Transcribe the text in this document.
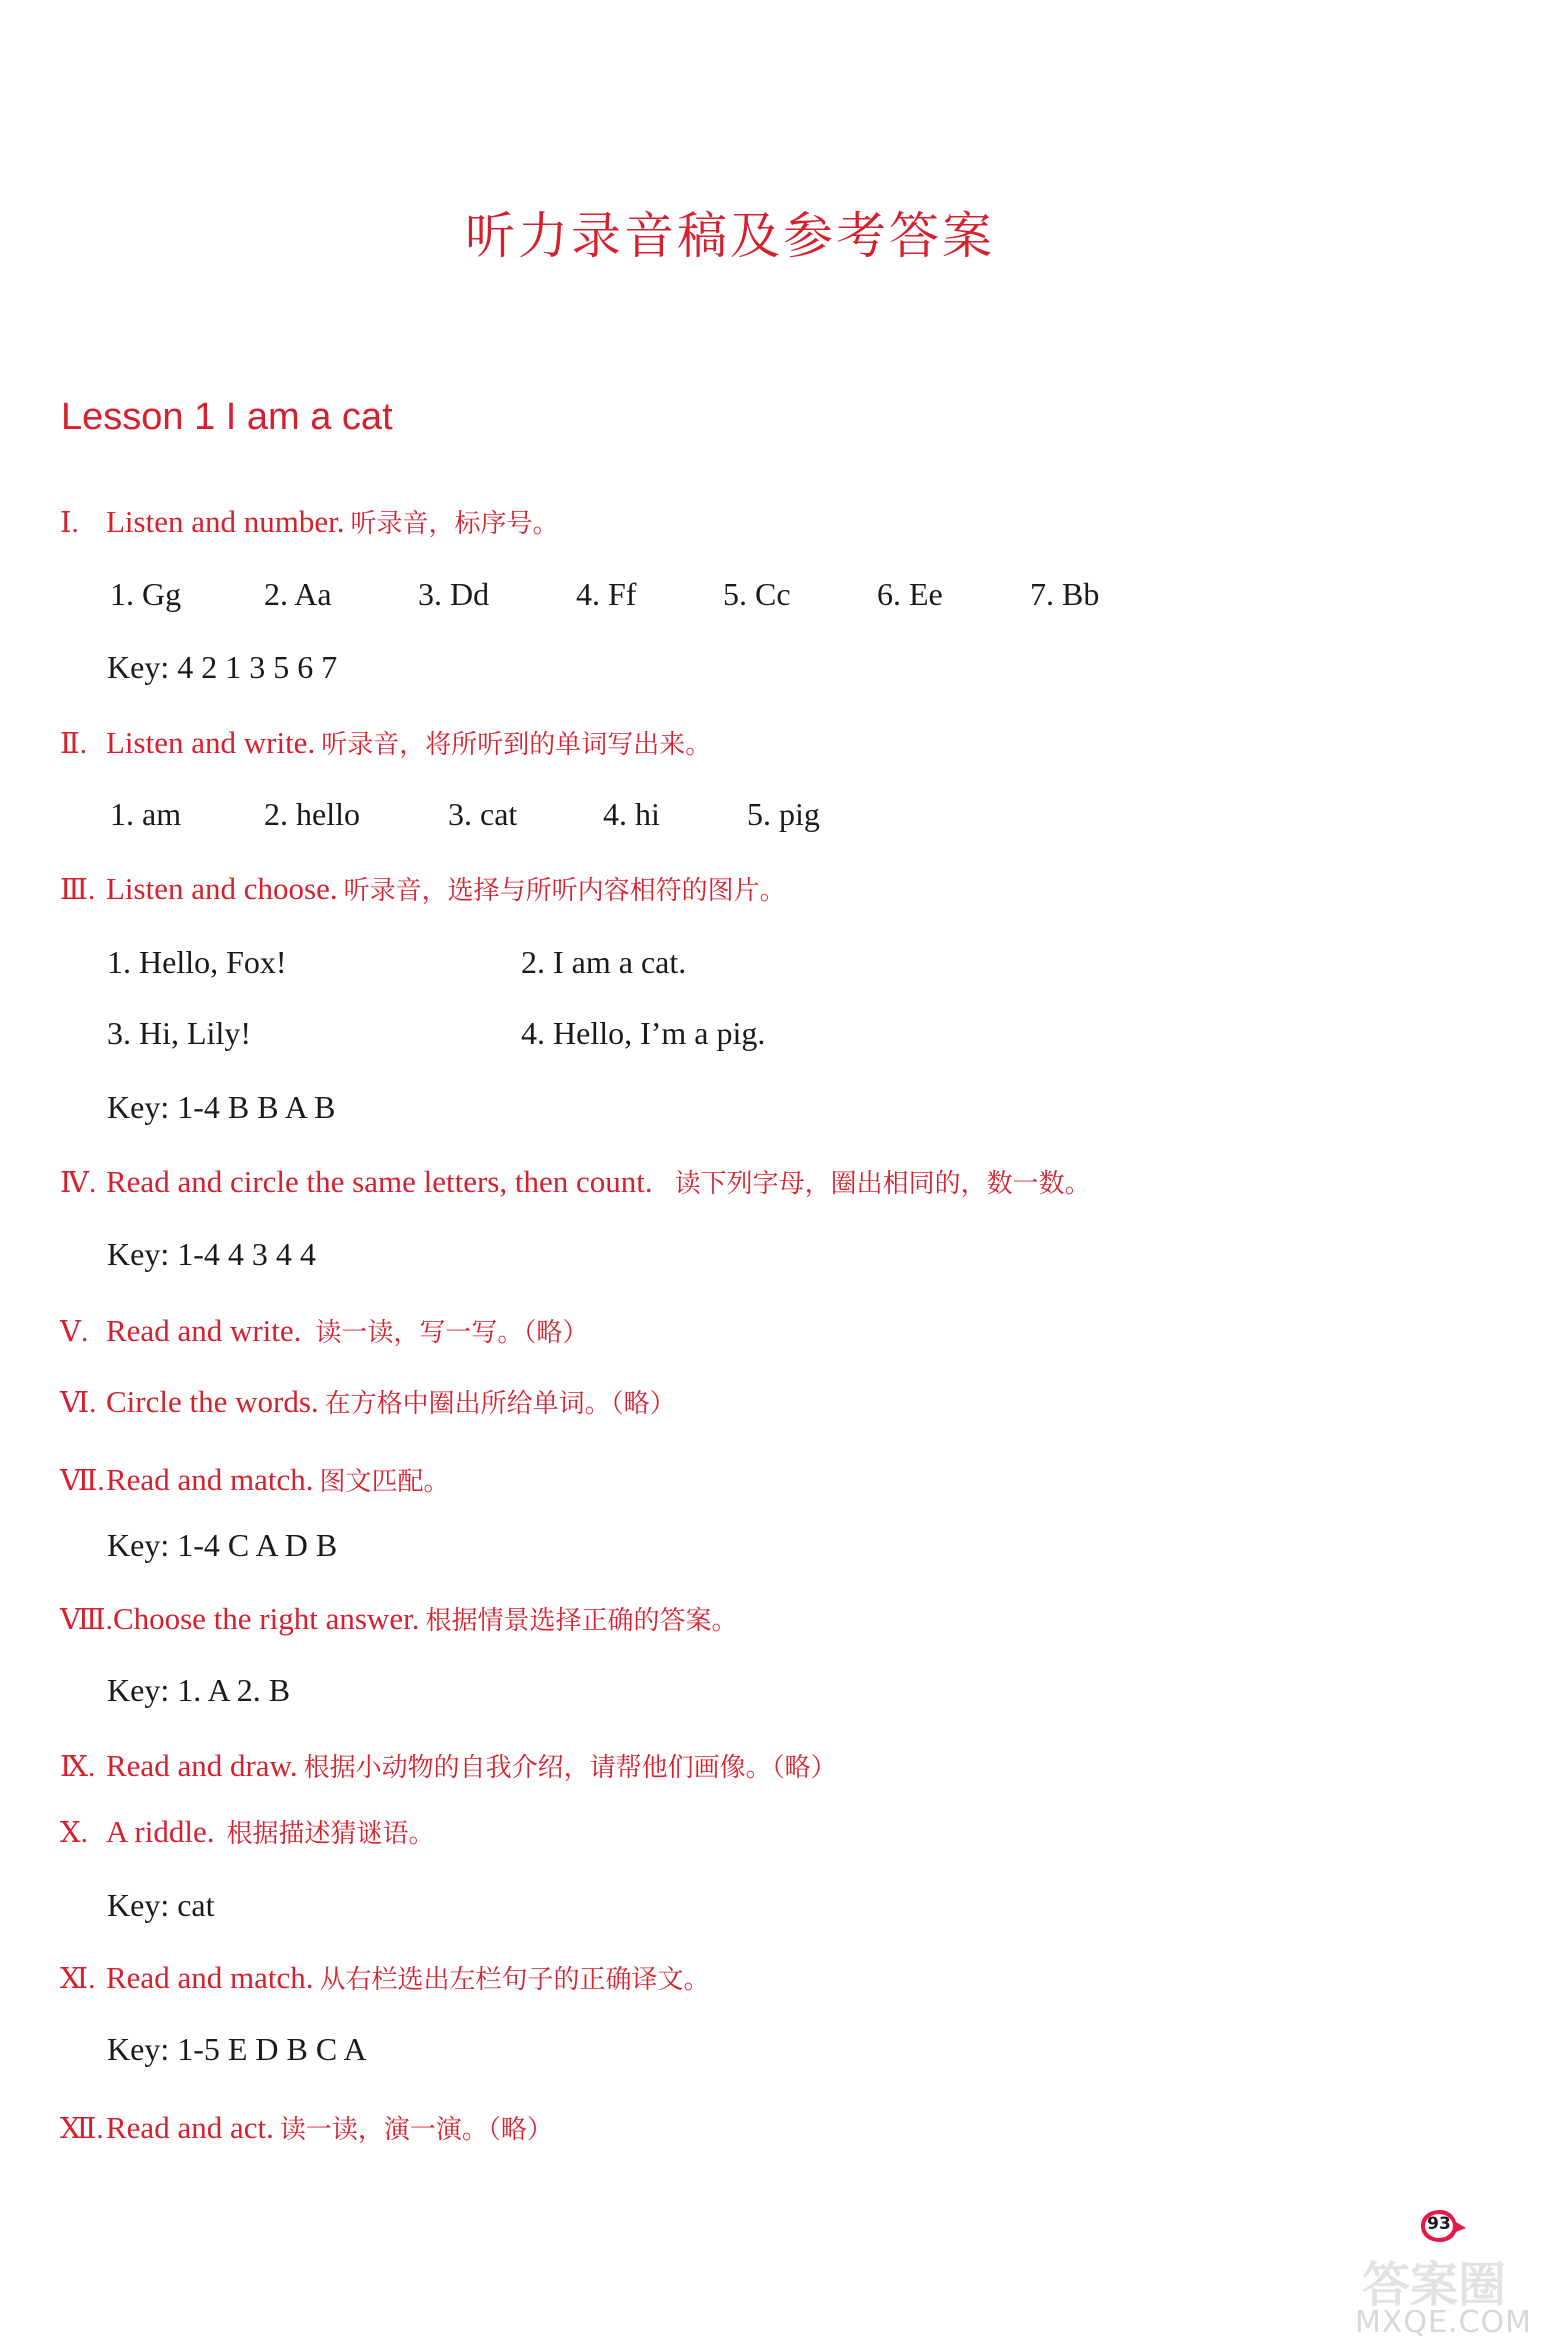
听力录音稿及参考答案
Lesson 1 I am a cat
Ⅰ. Listen and number. 听录音，标序号。
1. Gg	2. Aa	3. Dd	4. Ff	5. Cc	6. Ee	7. Bb
Key: 4 2 1 3 5 6 7
Ⅱ. Listen and write. 听录音，将所听到的单词写出来。
1. am	2. hello	3. cat	4. hi	5. pig
Ⅲ. Listen and choose. 听录音，选择与所听内容相符的图片。
1. Hello, Fox!	2. I am a cat.
3. Hi, Lily!	4. Hello, I’m a pig.
Key: 1-4 B B A B
Ⅳ. Read and circle the same letters, then count. 读下列字母，圈出相同的，数一数。
Key: 1-4 4 3 4 4
Ⅴ. Read and write. 读一读，写一写。（略）
Ⅵ. Circle the words. 在方格中圈出所给单词。（略）
Ⅶ.Read and match. 图文匹配。
Key: 1-4 C A D B
Ⅷ.Choose the right answer. 根据情景选择正确的答案。
Key: 1. A 2. B
Ⅸ. Read and draw. 根据小动物的自我介绍，请帮他们画像。（略）
Ⅹ. A riddle. 根据描述猜谜语。
Key: cat
Ⅺ. Read and match. 从右栏选出左栏句子的正确译文。
Key: 1-5 E D B C A
Ⅻ.Read and act. 读一读，演一演。（略）
93
答案圈
MXQE.COM
